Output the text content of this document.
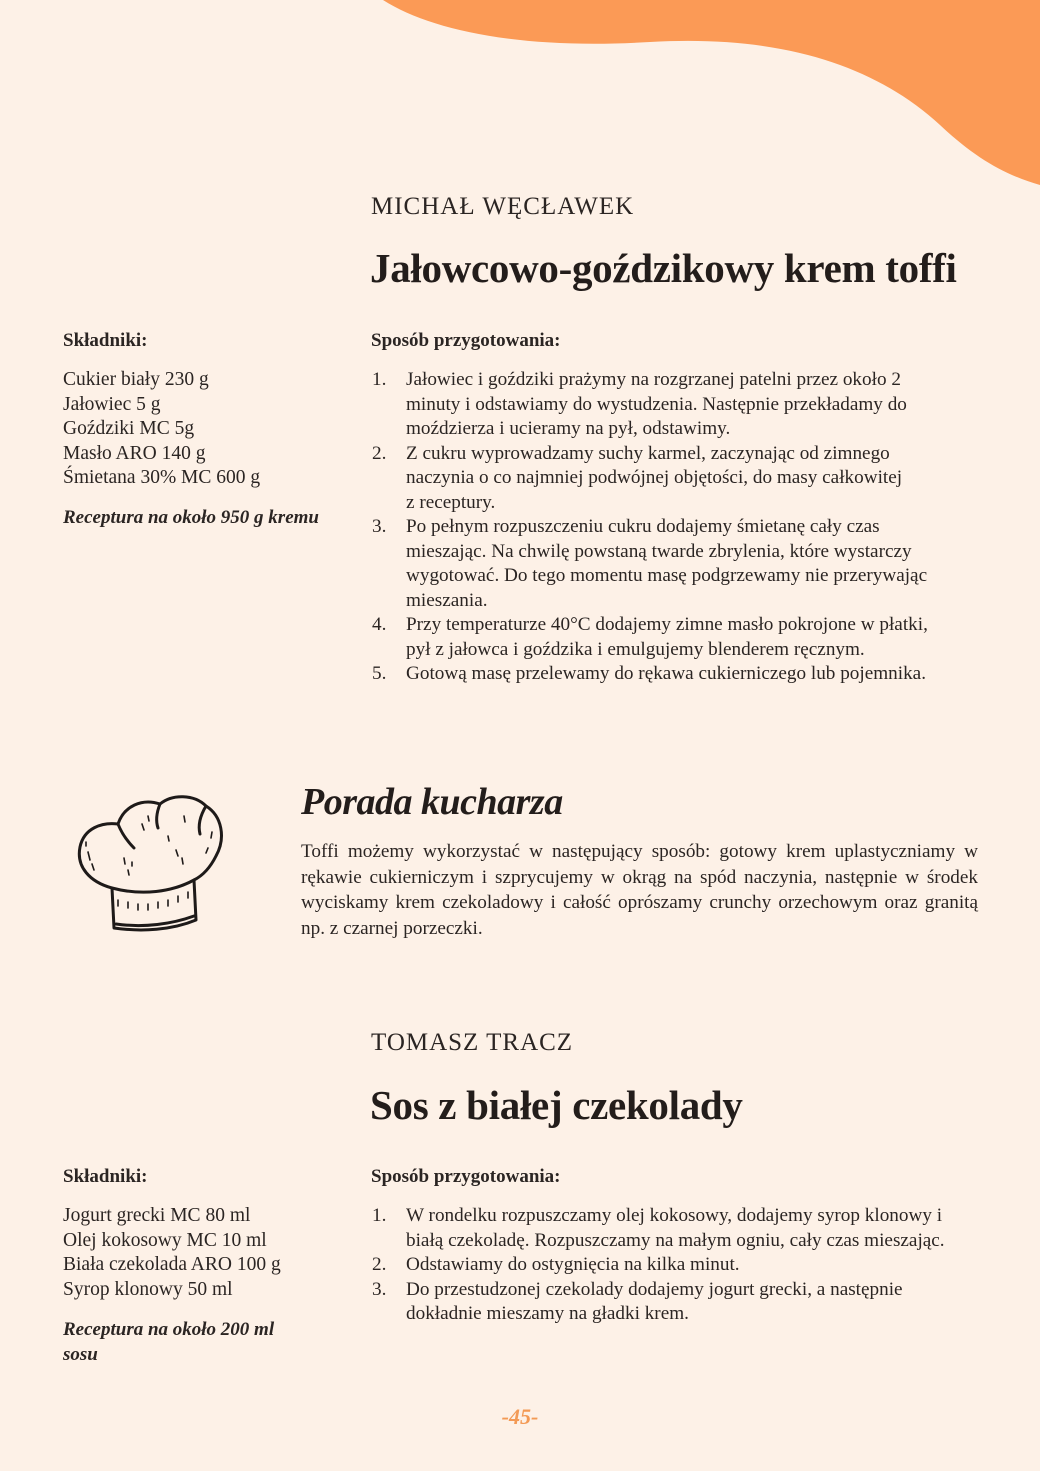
MICHAŁ WĘCŁAWEK
Jałowcowo-goździkowy krem toffi
Składniki:
Cukier biały 230 g
Jałowiec 5 g
Goździki MC 5g
Masło ARO 140 g
Śmietana 30% MC 600 g
Receptura na około 950 g kremu
Sposób przygotowania:
1. Jałowiec i goździki prażymy na rozgrzanej patelni przez około 2
minuty i odstawiamy do wystudzenia. Następnie przekładamy do
moździerza i ucieramy na pył, odstawimy.
2. Z cukru wyprowadzamy suchy karmel, zaczynając od zimnego
naczynia o co najmniej podwójnej objętości, do masy całkowitej
z receptury.
3. Po pełnym rozpuszczeniu cukru dodajemy śmietanę cały czas
mieszając. Na chwilę powstaną twarde zbrylenia, które wystarczy
wygotować. Do tego momentu masę podgrzewamy nie przerywając
mieszania.
4. Przy temperaturze 40°C dodajemy zimne masło pokrojone w płatki,
pył z jałowca i goździka i emulgujemy blenderem ręcznym.
5. Gotową masę przelewamy do rękawa cukierniczego lub pojemnika.
Porada kucharza
Toffi możemy wykorzystać w następujący sposób: gotowy krem uplastyczniamy w rękawie cukierniczym i szprycujemy w okrąg na spód naczynia, następnie w środek wyciskamy krem czekoladowy i całość oprószamy crunchy orzechowym oraz granitą np. z czarnej porzeczki.
TOMASZ TRACZ
Sos z białej czekolady
Składniki:
Jogurt grecki MC 80 ml
Olej kokosowy MC 10 ml
Biała czekolada ARO 100 g
Syrop klonowy 50 ml
Receptura na około 200 ml
sosu
Sposób przygotowania:
1. W rondelku rozpuszczamy olej kokosowy, dodajemy syrop klonowy i
białą czekoladę. Rozpuszczamy na małym ogniu, cały czas mieszając.
2. Odstawiamy do ostygnięcia na kilka minut.
3. Do przestudzonej czekolady dodajemy jogurt grecki, a następnie
dokładnie mieszamy na gładki krem.
-45-
